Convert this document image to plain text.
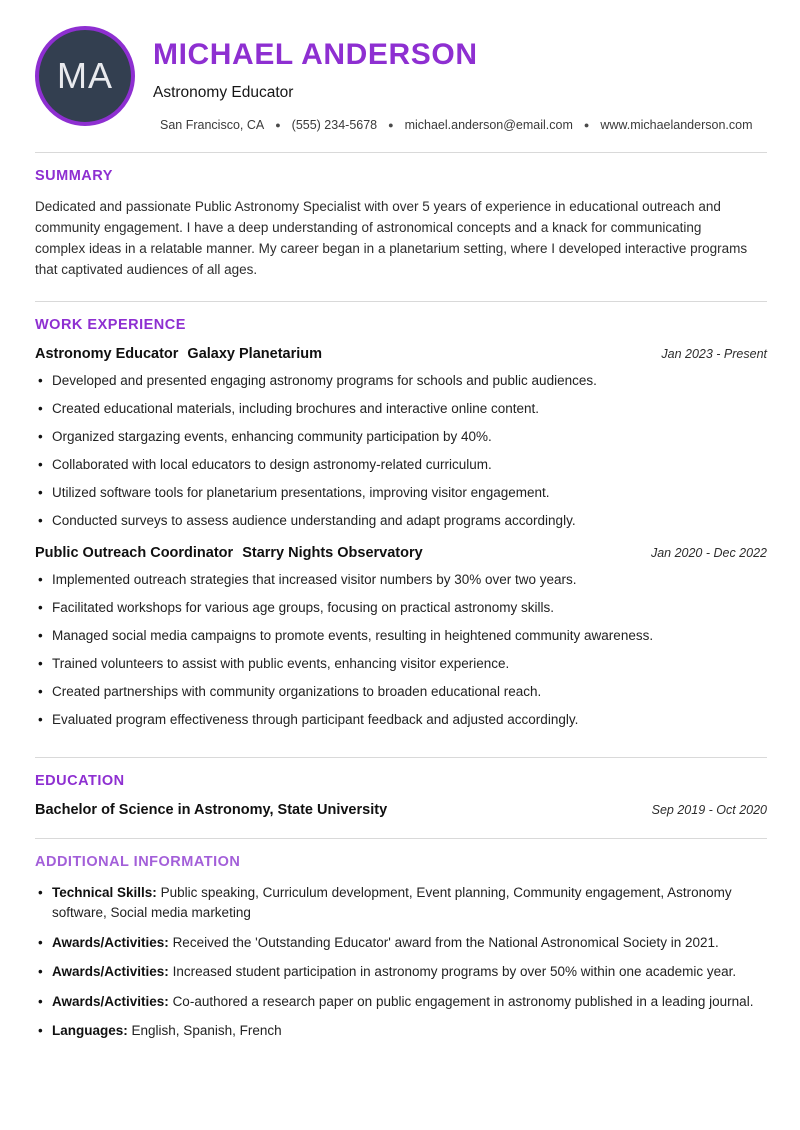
MA
MICHAEL ANDERSON

Astronomy Educator

San Francisco, CA ● (555) 234-5678 ● michael.anderson@email.com ● www.michaelanderson.com
SUMMARY

Dedicated and passionate Public Astronomy Specialist with over 5 years of experience in educational outreach and community engagement. I have a deep understanding of astronomical concepts and a knack for communicating complex ideas in a relatable manner. My career began in a planetarium setting, where I developed interactive programs that captivated audiences of all ages.

WORK EXPERIENCE
Astronomy Educator Galaxy Planetarium	Jan 2023 - Present
• Developed and presented engaging astronomy programs for schools and public audiences.
• Created educational materials, including brochures and interactive online content.
• Organized stargazing events, enhancing community participation by 40%.
• Collaborated with local educators to design astronomy-related curriculum.
• Utilized software tools for planetarium presentations, improving visitor engagement.
• Conducted surveys to assess audience understanding and adapt programs accordingly.
Public Outreach Coordinator Starry Nights Observatory	Jan 2020 - Dec 2022
• Implemented outreach strategies that increased visitor numbers by 30% over two years.
• Facilitated workshops for various age groups, focusing on practical astronomy skills.
• Managed social media campaigns to promote events, resulting in heightened community awareness.
• Trained volunteers to assist with public events, enhancing visitor experience.
• Created partnerships with community organizations to broaden educational reach.
• Evaluated program effectiveness through participant feedback and adjusted accordingly.
EDUCATION
Bachelor of Science in Astronomy, State University	Sep 2019 - Oct 2020
ADDITIONAL INFORMATION
• Technical Skills: Public speaking, Curriculum development, Event planning, Community engagement, Astronomy software, Social media marketing
• Awards/Activities: Received the 'Outstanding Educator' award from the National Astronomical Society in 2021.
• Awards/Activities: Increased student participation in astronomy programs by over 50% within one academic year.
• Awards/Activities: Co-authored a research paper on public engagement in astronomy published in a leading journal.
• Languages: English, Spanish, French
